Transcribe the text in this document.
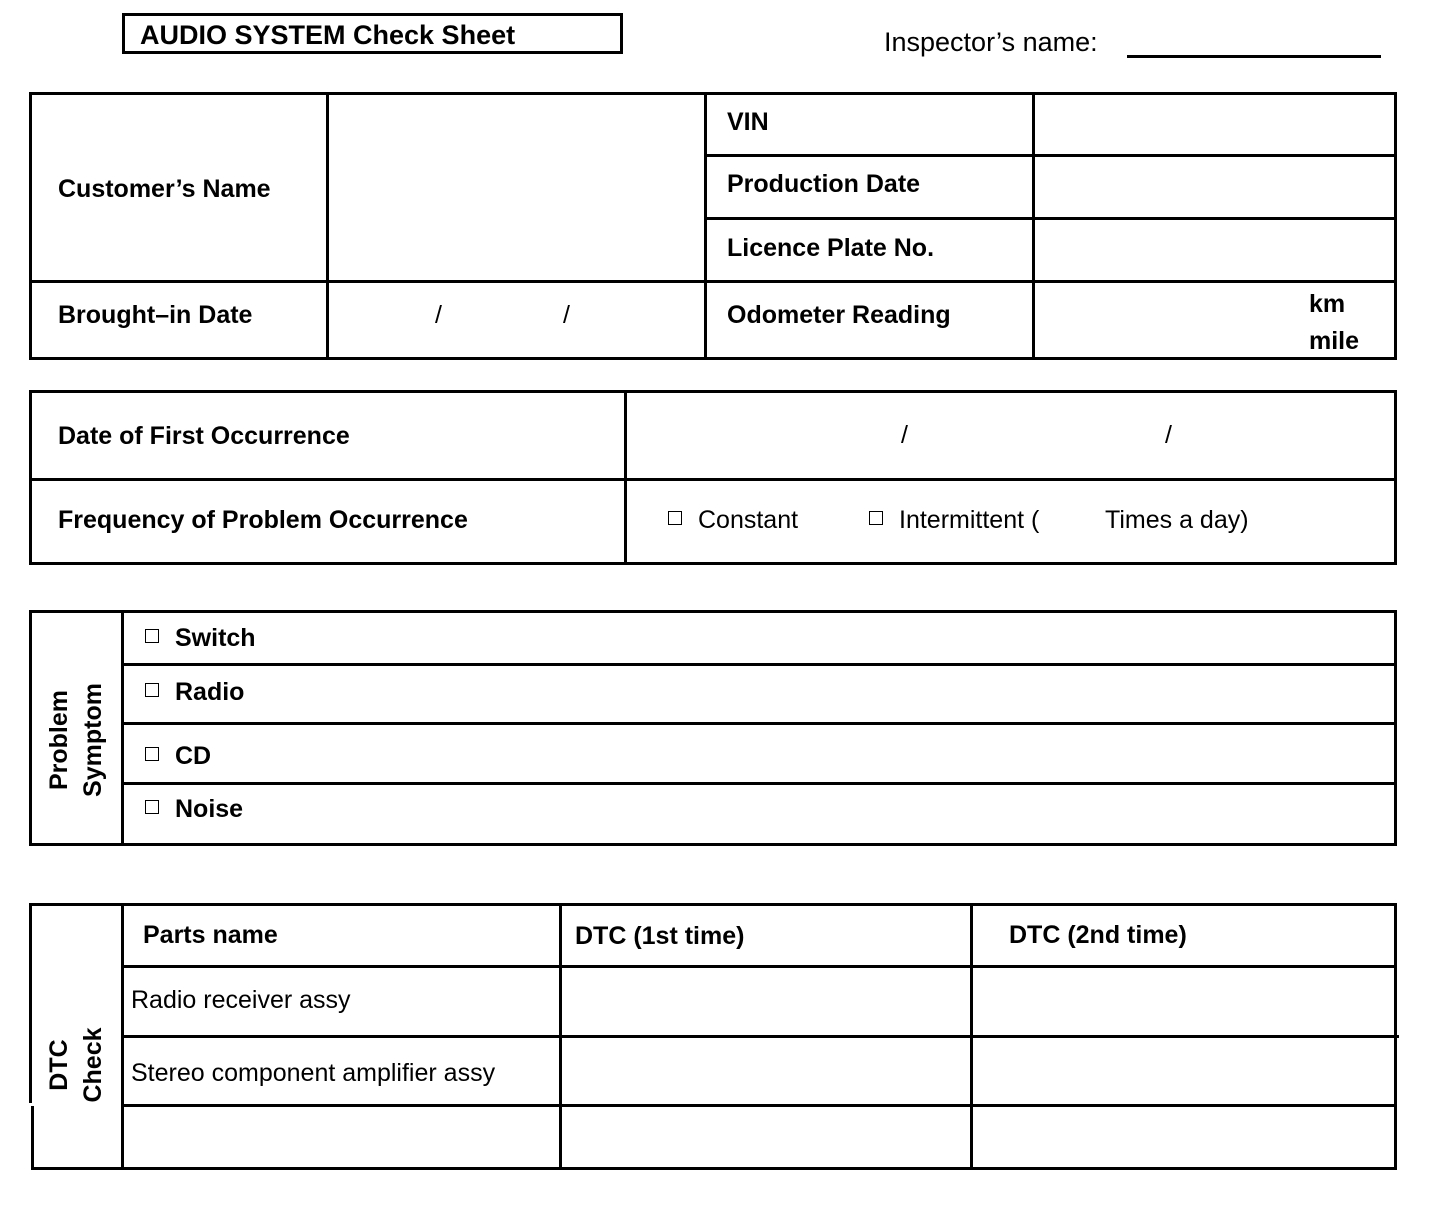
AUDIO SYSTEM Check Sheet	Inspector’s name:
Customer’s Name
VIN
Production Date
Licence Plate No.
Brought–in Date	/	/	Odometer Reading	km
mile
Date of First Occurrence	/	/
Frequency of Problem Occurrence	Constant	Intermittent (	Times a day)
Problem Symptom
Switch
Radio
CD
Noise
DTC Check
Parts name	DTC (1st time)	DTC (2nd time)
Radio receiver assy
Stereo component amplifier assy
